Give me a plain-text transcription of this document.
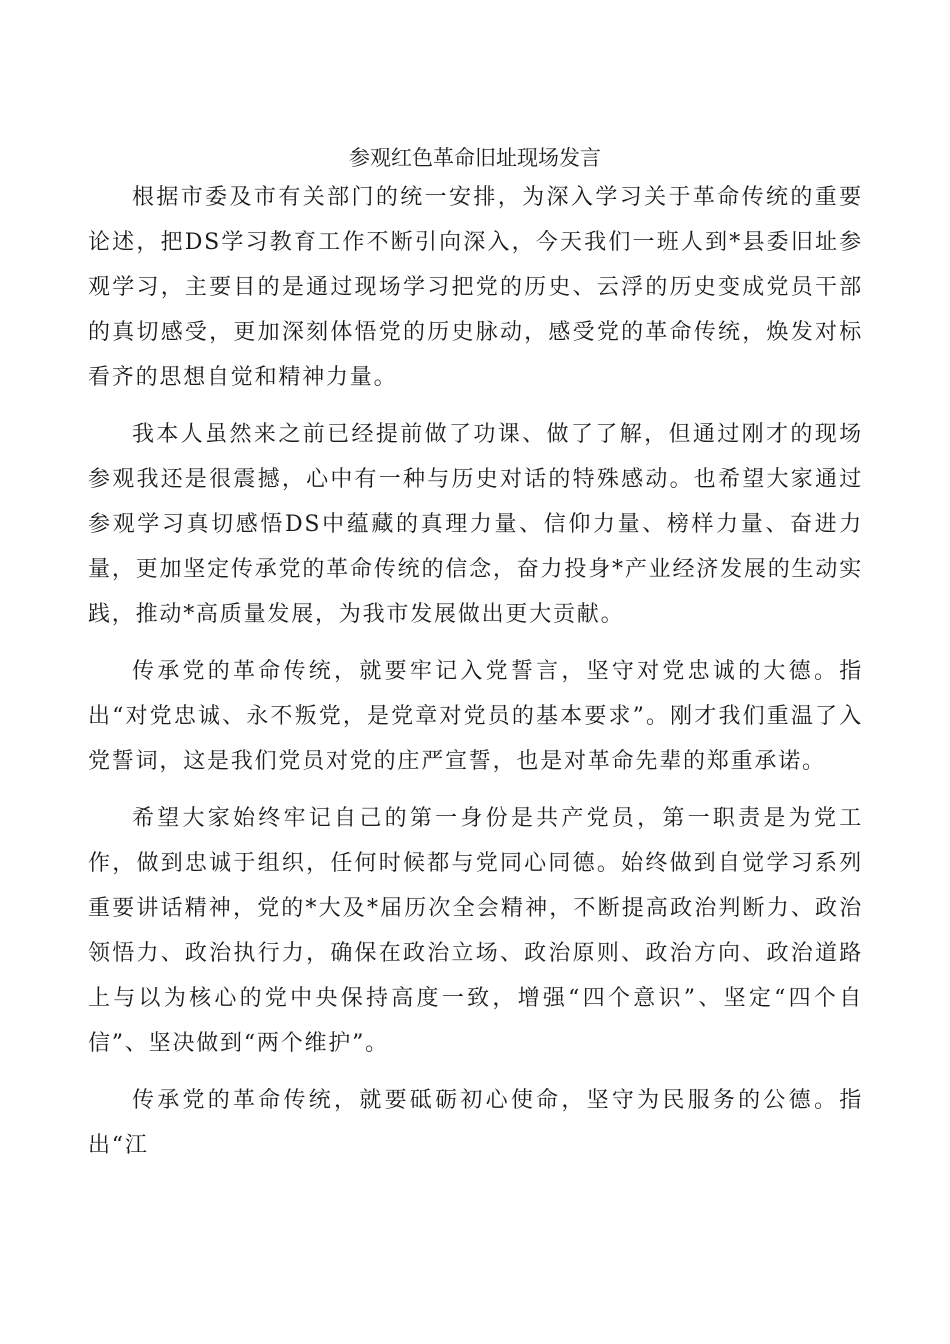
参观红色革命旧址现场发言

根据市委及市有关部门的统一安排，为深入学习关于革命传统的重要论述，把DS学习教育工作不断引向深入，今天我们一班人到*县委旧址参观学习，主要目的是通过现场学习把党的历史、云浮的历史变成党员干部的真切感受，更加深刻体悟党的历史脉动，感受党的革命传统，焕发对标看齐的思想自觉和精神力量。

我本人虽然来之前已经提前做了功课、做了了解，但通过刚才的现场参观我还是很震撼，心中有一种与历史对话的特殊感动。也希望大家通过参观学习真切感悟DS中蕴藏的真理力量、信仰力量、榜样力量、奋进力量，更加坚定传承党的革命传统的信念，奋力投身*产业经济发展的生动实践，推动*高质量发展，为我市发展做出更大贡献。

传承党的革命传统，就要牢记入党誓言，坚守对党忠诚的大德。指出“对党忠诚、永不叛党，是党章对党员的基本要求”。刚才我们重温了入党誓词，这是我们党员对党的庄严宣誓，也是对革命先辈的郑重承诺。

希望大家始终牢记自己的第一身份是共产党员，第一职责是为党工作，做到忠诚于组织，任何时候都与党同心同德。始终做到自觉学习系列重要讲话精神，党的*大及*届历次全会精神，不断提高政治判断力、政治领悟力、政治执行力，确保在政治立场、政治原则、政治方向、政治道路上与以为核心的党中央保持高度一致，增强“四个意识”、坚定“四个自信”、坚决做到“两个维护”。

传承党的革命传统，就要砥砺初心使命，坚守为民服务的公德。指出“江
